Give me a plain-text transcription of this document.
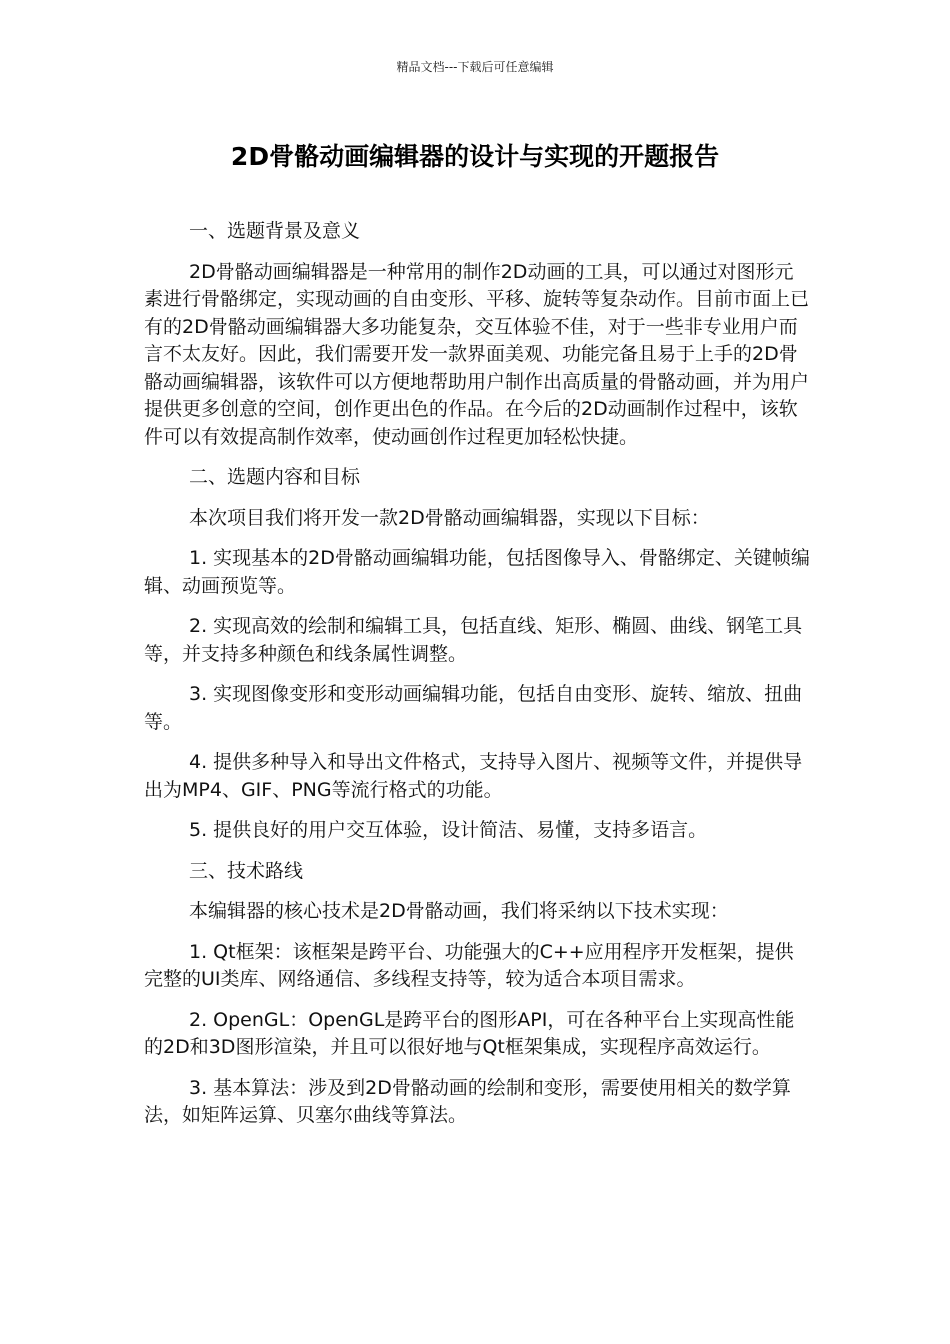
精品文档---下载后可任意编辑
2D骨骼动画编辑器的设计与实现的开题报告

一、选题背景及意义

2D骨骼动画编辑器是一种常用的制作2D动画的工具，可以通过对图形元素进行骨骼绑定，实现动画的自由变形、平移、旋转等复杂动作。目前市面上已有的2D骨骼动画编辑器大多功能复杂，交互体验不佳，对于一些非专业用户而言不太友好。因此，我们需要开发一款界面美观、功能完备且易于上手的2D骨骼动画编辑器，该软件可以方便地帮助用户制作出高质量的骨骼动画，并为用户提供更多创意的空间，创作更出色的作品。在今后的2D动画制作过程中，该软件可以有效提高制作效率，使动画创作过程更加轻松快捷。

二、选题内容和目标

本次项目我们将开发一款2D骨骼动画编辑器，实现以下目标：

1. 实现基本的2D骨骼动画编辑功能，包括图像导入、骨骼绑定、关键帧编辑、动画预览等。

2. 实现高效的绘制和编辑工具，包括直线、矩形、椭圆、曲线、钢笔工具等，并支持多种颜色和线条属性调整。

3. 实现图像变形和变形动画编辑功能，包括自由变形、旋转、缩放、扭曲等。

4. 提供多种导入和导出文件格式，支持导入图片、视频等文件，并提供导出为MP4、GIF、PNG等流行格式的功能。

5. 提供良好的用户交互体验，设计简洁、易懂，支持多语言。

三、技术路线

本编辑器的核心技术是2D骨骼动画，我们将采纳以下技术实现：

1. Qt框架：该框架是跨平台、功能强大的C++应用程序开发框架，提供完整的UI类库、网络通信、多线程支持等，较为适合本项目需求。

2. OpenGL：OpenGL是跨平台的图形API，可在各种平台上实现高性能的2D和3D图形渲染，并且可以很好地与Qt框架集成，实现程序高效运行。

3. 基本算法：涉及到2D骨骼动画的绘制和变形，需要使用相关的数学算法，如矩阵运算、贝塞尔曲线等算法。
